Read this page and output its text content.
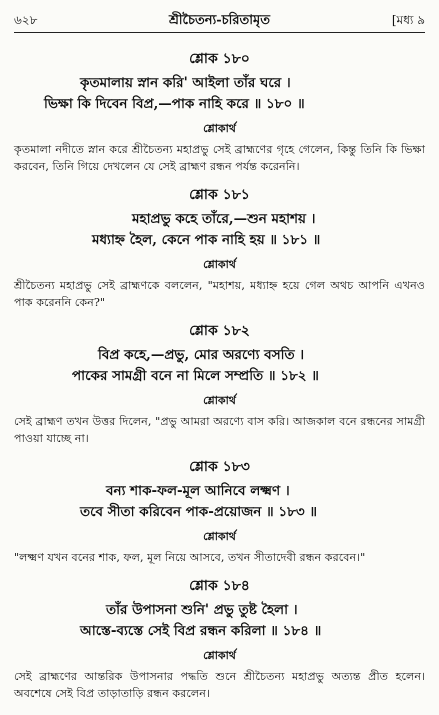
৬২৮	শ্রীচৈতন্য-চরিতামৃত	[মধ্য ৯
শ্লোক ১৮০
কৃতমালায় স্নান করি' আইলা তাঁর ঘরে ।
ভিক্ষা কি দিবেন বিপ্র,—পাক নাহি করে ॥ ১৮০ ॥
শ্লোকার্থ

কৃতমালা নদীতে স্নান করে শ্রীচৈতন্য মহাপ্রভু সেই ব্রাহ্মণের গৃহে গেলেন, কিন্তু তিনি কি ভিক্ষা করবেন, তিনি গিয়ে দেখলেন যে সেই ব্রাহ্মণ রন্ধন পর্যন্ত করেননি।

শ্লোক ১৮১
মহাপ্রভু কহে তাঁরে,—শুন মহাশয় ।
মধ্যাহ্ন হৈল, কেনে পাক নাহি হয় ॥ ১৮১ ॥
শ্লোকার্থ

শ্রীচৈতন্য মহাপ্রভু সেই ব্রাহ্মণকে বললেন, "মহাশয়, মধ্যাহ্ন হয়ে গেল অথচ আপনি এখনও পাক করেননি কেন?"

শ্লোক ১৮২
বিপ্র কহে,—প্রভু, মোর অরণ্যে বসতি ।
পাকের সামগ্রী বনে না মিলে সম্প্রতি ॥ ১৮২ ॥
শ্লোকার্থ

সেই ব্রাহ্মণ তখন উত্তর দিলেন, "প্রভু আমরা অরণ্যে বাস করি। আজকাল বনে রন্ধনের সামগ্রী পাওয়া যাচ্ছে না।

শ্লোক ১৮৩
বন্য শাক-ফল-মূল আনিবে লক্ষ্মণ ।
তবে সীতা করিবেন পাক-প্রয়োজন ॥ ১৮৩ ॥
শ্লোকার্থ

"লক্ষ্মণ যখন বনের শাক, ফল, মূল নিয়ে আসবে, তখন সীতাদেবী রন্ধন করবেন।"

শ্লোক ১৮৪
তাঁর উপাসনা শুনি' প্রভু তুষ্ট হৈলা ।
আস্তে-ব্যস্তে সেই বিপ্র রন্ধন করিলা ॥ ১৮৪ ॥
শ্লোকার্থ

সেই ব্রাহ্মণের আন্তরিক উপাসনার পদ্ধতি শুনে শ্রীচৈতন্য মহাপ্রভু অত্যন্ত প্রীত হলেন। অবশেষে সেই বিপ্র তাড়াতাড়ি রন্ধন করলেন।
